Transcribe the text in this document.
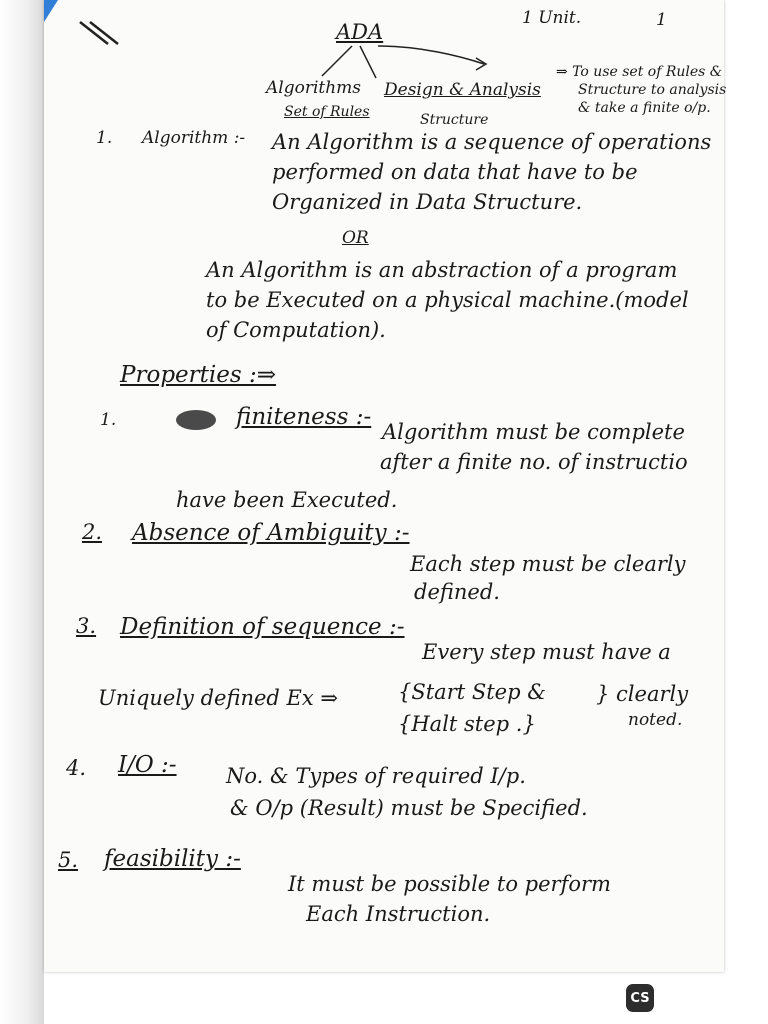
ADA
1 Unit.	1
Algorithms Design & Analysis
Set of Rules	Structure
⇒ To use set of Rules &
Structure to analysis
& take a finite o/p.
1. Algorithm :- An Algorithm is a sequence of operations
performed on data that have to be
Organized in Data Structure.
OR
An Algorithm is an abstraction of a program
to be Executed on a physical machine.(model
of Computation).
Properties :⇒
1.	finiteness :-
Algorithm must be complete
after a finite no. of instructio
have been Executed.
2. Absence of Ambiguity :-
Each step must be clearly
defined.
3. Definition of sequence :-
Every step must have a
Uniquely defined Ex ⇒	{Start Step &
{Halt step .}
} clearly
noted.
4. I/O :- No. & Types of required I/p.
& O/p (Result) must be Specified.
5. feasibility :-
It must be possible to perform
Each Instruction.
CS
